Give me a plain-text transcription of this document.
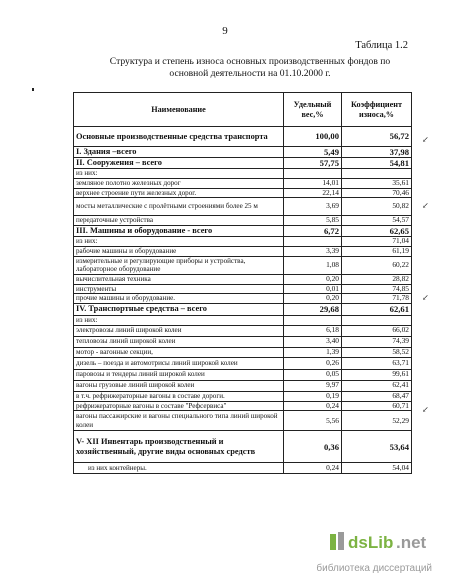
9
Таблица 1.2
Структура и степень износа основных производственных фондов по
основной деятельности на 01.10.2000 г.
↙
↙
↙
↙
Наименование	Удельный вес,%	Коэффициент износа,%
Основные производственные средства транспорта	100,00	56,72
I. Здания –всего	5,49	37,98
II. Сооружения – всего	57,75	54,81
из них:		
земляное полотно железных дорог	14,01	35,61
верхнее строение пути железных дорог.	22,14	70,46
мосты металлические с пролётными строениями более 25 м	3,69	50,82
передаточные устройства	5,85	54,57
III. Машины и оборудование - всего	6,72	62,65
из них:		71,04
рабочие машины и оборудование	3,39	61,19
измерительные и регулирующие приборы и устройства, лабораторное оборудование	1,08	60,22
вычислительная техника	0,20	28,82
инструменты	0,01	74,85
прочие машины и оборудование.	0,20	71,78
IV. Транспортные средства – всего	29,68	62,61
из них:		
электровозы линий широкой колеи	6,18	66,02
тепловозы линий широкой колеи	3,40	74,39
мотор - вагонные секции,	1,39	58,52
дизель – поезда и автомотрисы линий широкой колеи	0,26	63,71
паровозы и тендеры линий широкой колеи	0,05	99,61
вагоны грузовые линий широкой колеи	9,97	62,41
в т.ч. рефрижераторные вагоны в составе дороги.	0,19	68,47
рефрижераторные вагоны в составе "Рефсервиса"	0,24	60,71
вагоны пассажирские и вагоны специального типа линий широкой колеи	5,56	52,29
V- XII Инвентарь производственный и хозяйственный, другие виды основных средств	0,36	53,64
из них контейнеры.	0,24	54,04
dsLib .net
библиотека диссертаций
